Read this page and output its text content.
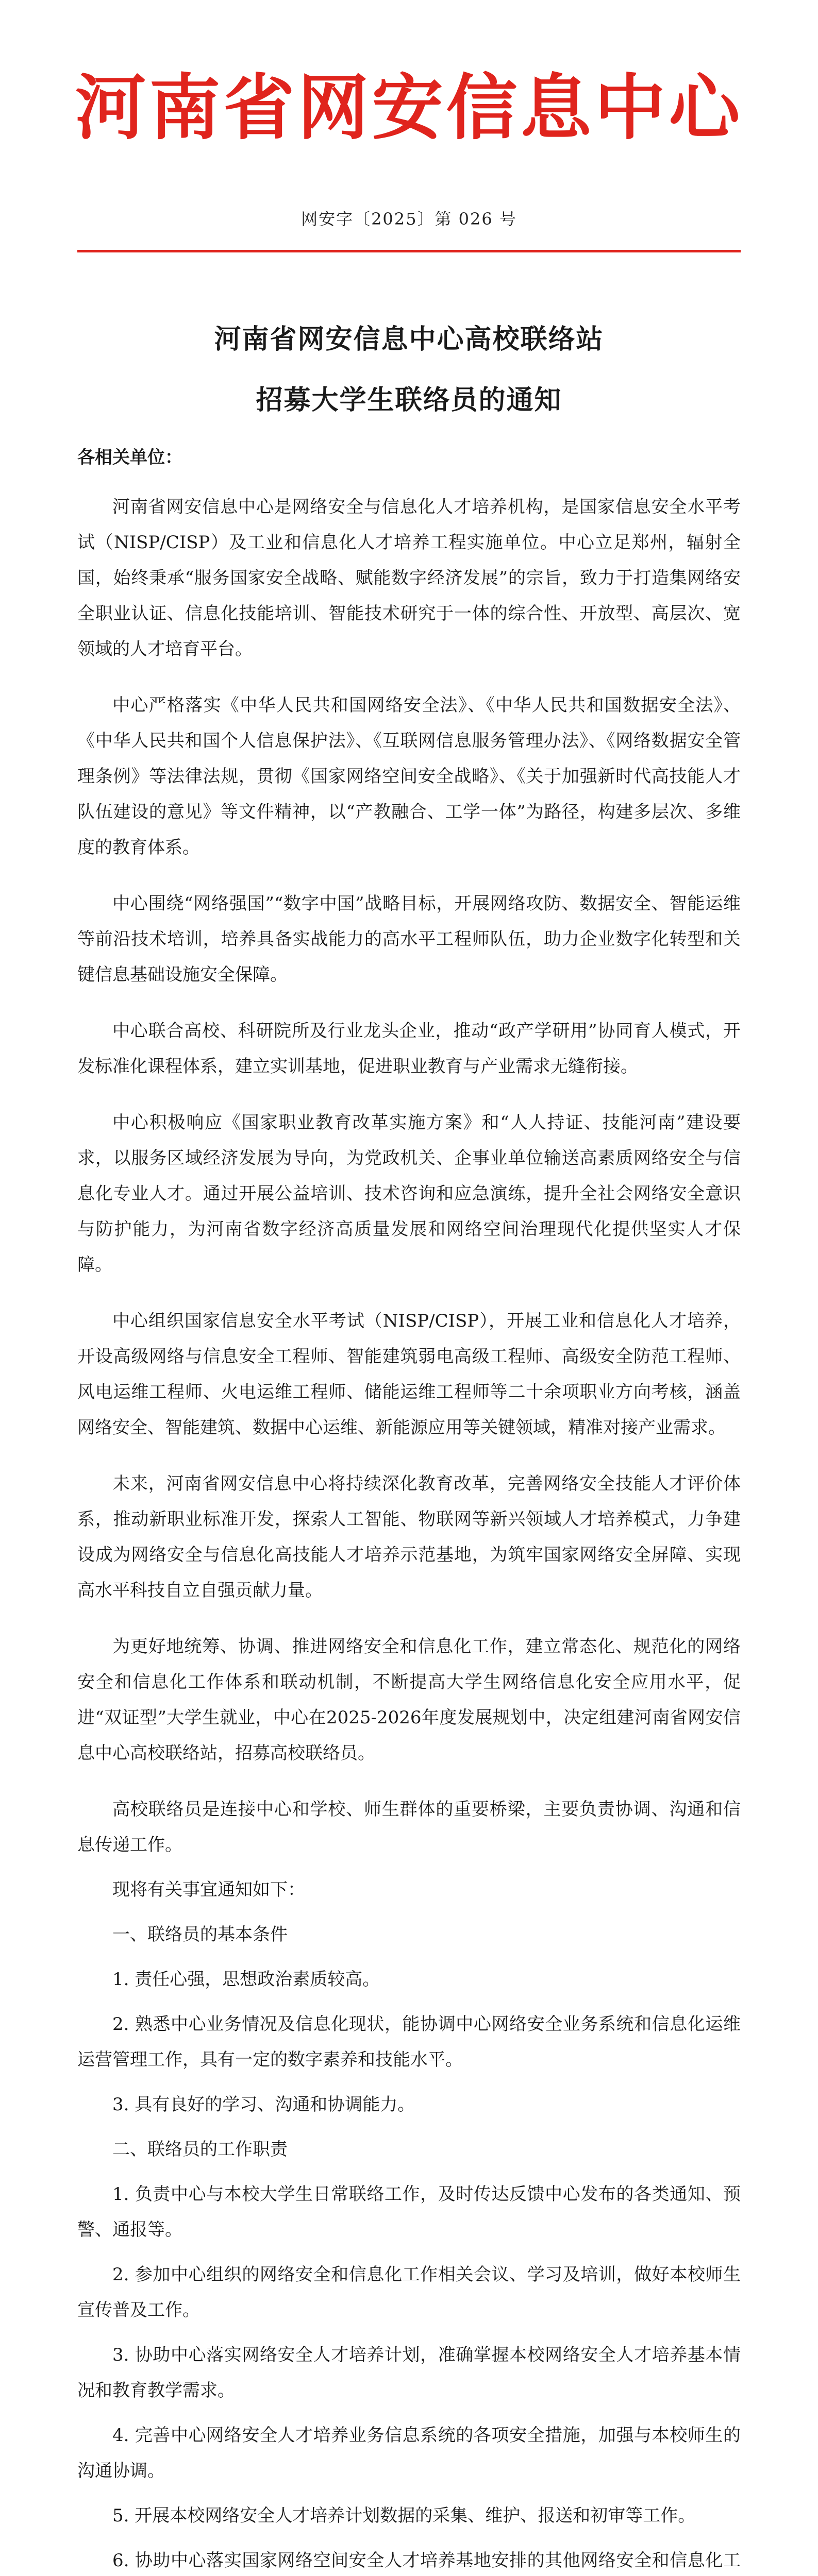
河南省网安信息中心
网安字〔2025〕第 026 号
河南省网安信息中心高校联络站
招募大学生联络员的通知
各相关单位：

河南省网安信息中心是网络安全与信息化人才培养机构，是国家信息安全水平考试（NISP/CISP）及工业和信息化人才培养工程实施单位。中心立足郑州，辐射全国，始终秉承“服务国家安全战略、赋能数字经济发展”的宗旨，致力于打造集网络安全职业认证、信息化技能培训、智能技术研究于一体的综合性、开放型、高层次、宽领域的人才培育平台。

中心严格落实《中华人民共和国网络安全法》、《中华人民共和国数据安全法》、《中华人民共和国个人信息保护法》、《互联网信息服务管理办法》、《网络数据安全管理条例》等法律法规，贯彻《国家网络空间安全战略》、《关于加强新时代高技能人才队伍建设的意见》等文件精神，以“产教融合、工学一体”为路径，构建多层次、多维度的教育体系。

中心围绕“网络强国”“数字中国”战略目标，开展网络攻防、数据安全、智能运维等前沿技术培训，培养具备实战能力的高水平工程师队伍，助力企业数字化转型和关键信息基础设施安全保障。

中心联合高校、科研院所及行业龙头企业，推动“政产学研用”协同育人模式，开发标准化课程体系，建立实训基地，促进职业教育与产业需求无缝衔接。

中心积极响应《国家职业教育改革实施方案》和“人人持证、技能河南”建设要求，以服务区域经济发展为导向，为党政机关、企事业单位输送高素质网络安全与信息化专业人才。通过开展公益培训、技术咨询和应急演练，提升全社会网络安全意识与防护能力，为河南省数字经济高质量发展和网络空间治理现代化提供坚实人才保障。

中心组织国家信息安全水平考试（NISP/CISP），开展工业和信息化人才培养，开设高级网络与信息安全工程师、智能建筑弱电高级工程师、高级安全防范工程师、风电运维工程师、火电运维工程师、储能运维工程师等二十余项职业方向考核，涵盖网络安全、智能建筑、数据中心运维、新能源应用等关键领域，精准对接产业需求。

未来，河南省网安信息中心将持续深化教育改革，完善网络安全技能人才评价体系，推动新职业标准开发，探索人工智能、物联网等新兴领域人才培养模式，力争建设成为网络安全与信息化高技能人才培养示范基地，为筑牢国家网络安全屏障、实现高水平科技自立自强贡献力量。

为更好地统筹、协调、推进网络安全和信息化工作，建立常态化、规范化的网络安全和信息化工作体系和联动机制，不断提高大学生网络信息化安全应用水平，促进“双证型”大学生就业，中心在2025-2026年度发展规划中，决定组建河南省网安信息中心高校联络站，招募高校联络员。

高校联络员是连接中心和学校、师生群体的重要桥梁，主要负责协调、沟通和信息传递工作。

现将有关事宜通知如下：

一、联络员的基本条件

1. 责任心强，思想政治素质较高。

2. 熟悉中心业务情况及信息化现状，能协调中心网络安全业务系统和信息化运维运营管理工作，具有一定的数字素养和技能水平。

3. 具有良好的学习、沟通和协调能力。

二、联络员的工作职责

1. 负责中心与本校大学生日常联络工作，及时传达反馈中心发布的各类通知、预警、通报等。

2. 参加中心组织的网络安全和信息化工作相关会议、学习及培训，做好本校师生宣传普及工作。

3. 协助中心落实网络安全人才培养计划，准确掌握本校网络安全人才培养基本情况和教育教学需求。

4. 完善中心网络安全人才培养业务信息系统的各项安全措施，加强与本校师生的沟通协调。

5. 开展本校网络安全人才培养计划数据的采集、维护、报送和初审等工作。

6. 协助中心落实国家网络空间安全人才培养基地安排的其他网络安全和信息化工
